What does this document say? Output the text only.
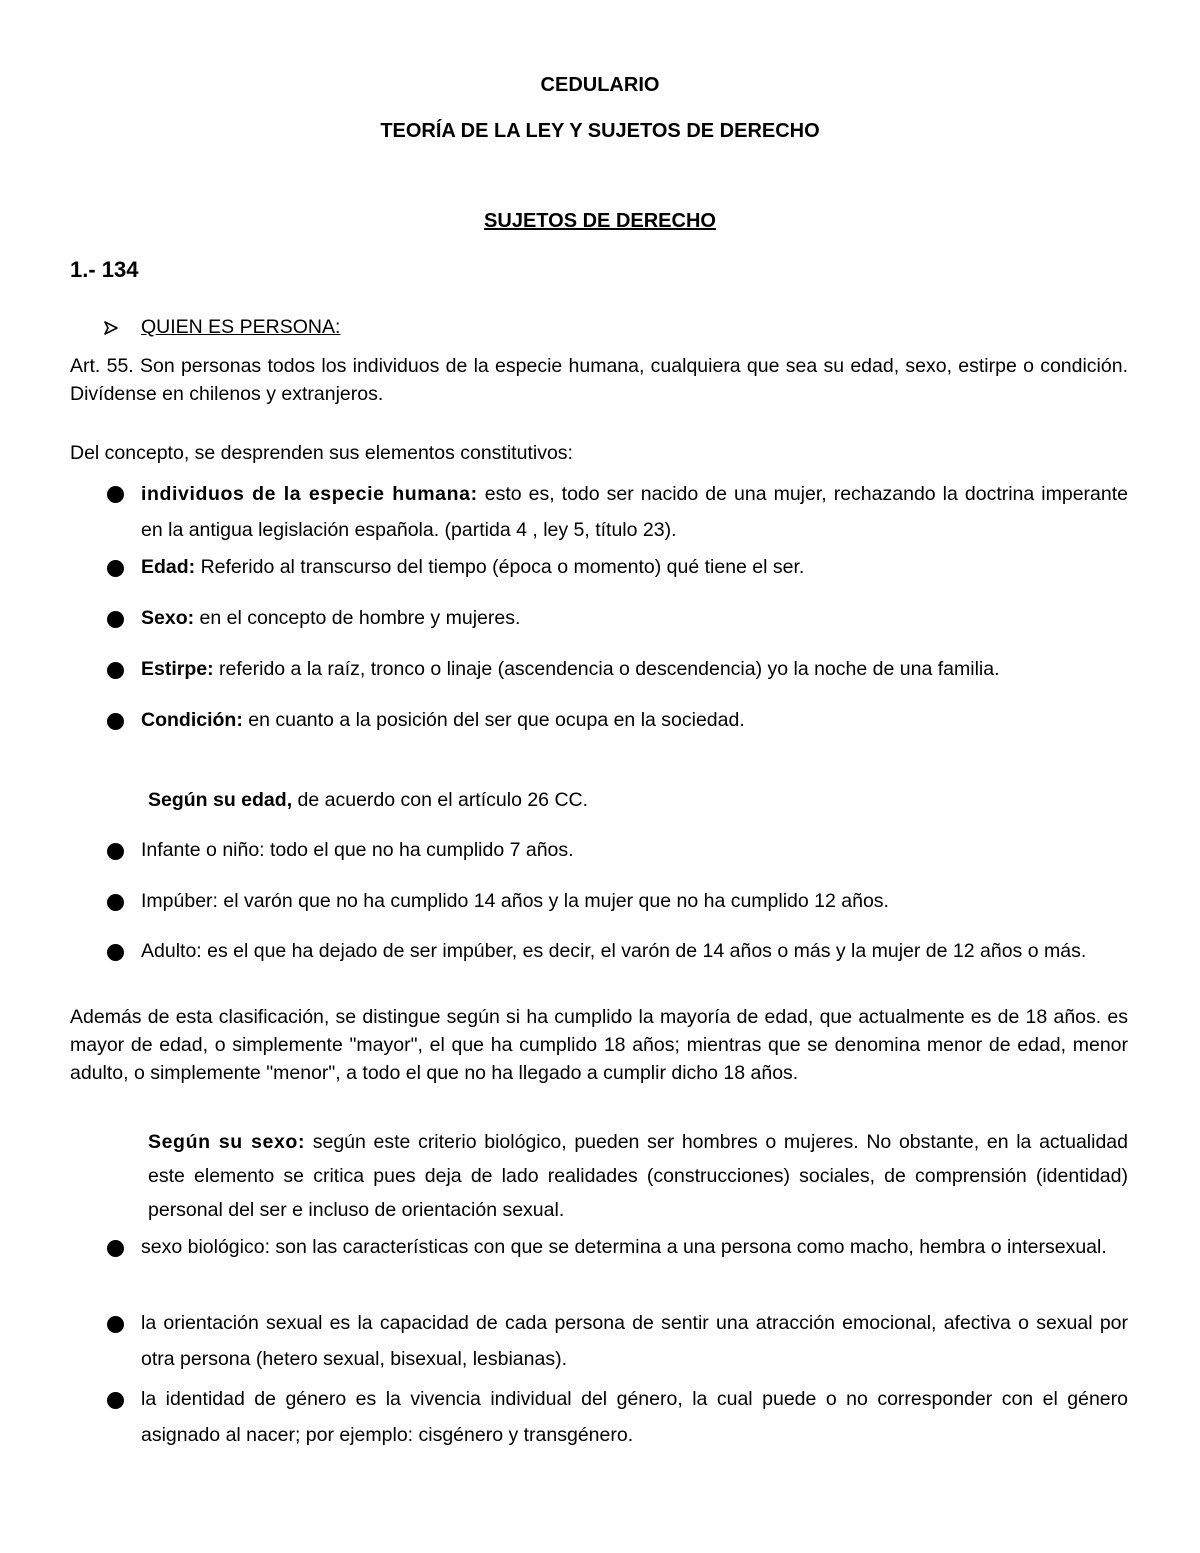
CEDULARIO

TEORÍA DE LA LEY Y SUJETOS DE DERECHO

SUJETOS DE DERECHO

1.- 134

QUIEN ES PERSONA:

Art. 55. Son personas todos los individuos de la especie humana, cualquiera que sea su edad, sexo, estirpe o condición. Divídense en chilenos y extranjeros.

Del concepto, se desprenden sus elementos constitutivos:

individuos de la especie humana: esto es, todo ser nacido de una mujer, rechazando la doctrina imperante en la antigua legislación española. (partida 4 , ley 5, título 23).

Edad: Referido al transcurso del tiempo (época o momento) qué tiene el ser.

Sexo: en el concepto de hombre y mujeres.

Estirpe: referido a la raíz, tronco o linaje (ascendencia o descendencia) yo la noche de una familia.

Condición: en cuanto a la posición del ser que ocupa en la sociedad.

Según su edad, de acuerdo con el artículo 26 CC.

Infante o niño: todo el que no ha cumplido 7 años.

Impúber: el varón que no ha cumplido 14 años y la mujer que no ha cumplido 12 años.

Adulto: es el que ha dejado de ser impúber, es decir, el varón de 14 años o más y la mujer de 12 años o más.

Además de esta clasificación, se distingue según si ha cumplido la mayoría de edad, que actualmente es de 18 años. es mayor de edad, o simplemente "mayor", el que ha cumplido 18 años; mientras que se denomina menor de edad, menor adulto, o simplemente "menor", a todo el que no ha llegado a cumplir dicho 18 años.

Según su sexo: según este criterio biológico, pueden ser hombres o mujeres. No obstante, en la actualidad este elemento se critica pues deja de lado realidades (construcciones) sociales, de comprensión (identidad) personal del ser e incluso de orientación sexual.

sexo biológico: son las características con que se determina a una persona como macho, hembra o intersexual.

la orientación sexual es la capacidad de cada persona de sentir una atracción emocional, afectiva o sexual por otra persona (hetero sexual, bisexual, lesbianas).

la identidad de género es la vivencia individual del género, la cual puede o no corresponder con el género asignado al nacer; por ejemplo: cisgénero y transgénero.
